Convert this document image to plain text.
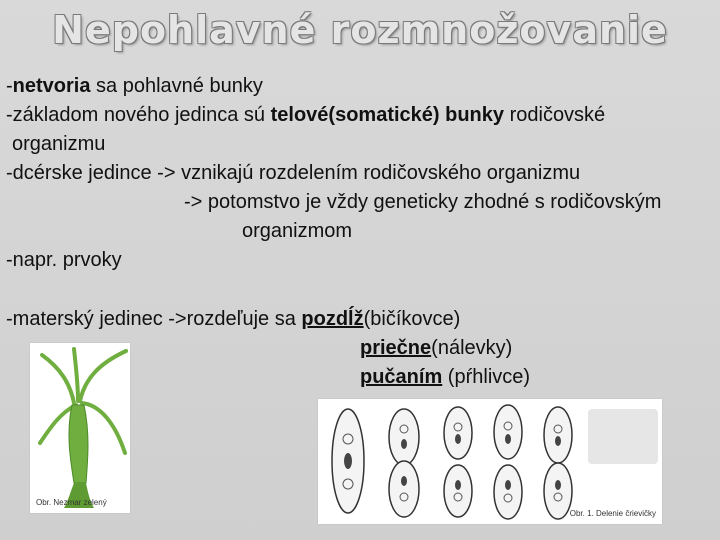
Nepohlavné rozmnožovanie
-netvoria sa pohlavné bunky
-základom nového jedinca sú telové(somatické) bunky rodičovské
organizmu
-dcérske jedince -> vznikajú rozdelením rodičovského organizmu
-> potomstvo je vždy geneticky zhodné s rodičovským
organizmom
-napr. prvoky
-materský jedinec ->rozdeľuje sa pozdĺž(bičíkovce)
priečne(nálevky)
pučaním (pŕhlivce)
Obr. Nezmar zelený
Obr. 1. Delenie črievičky
